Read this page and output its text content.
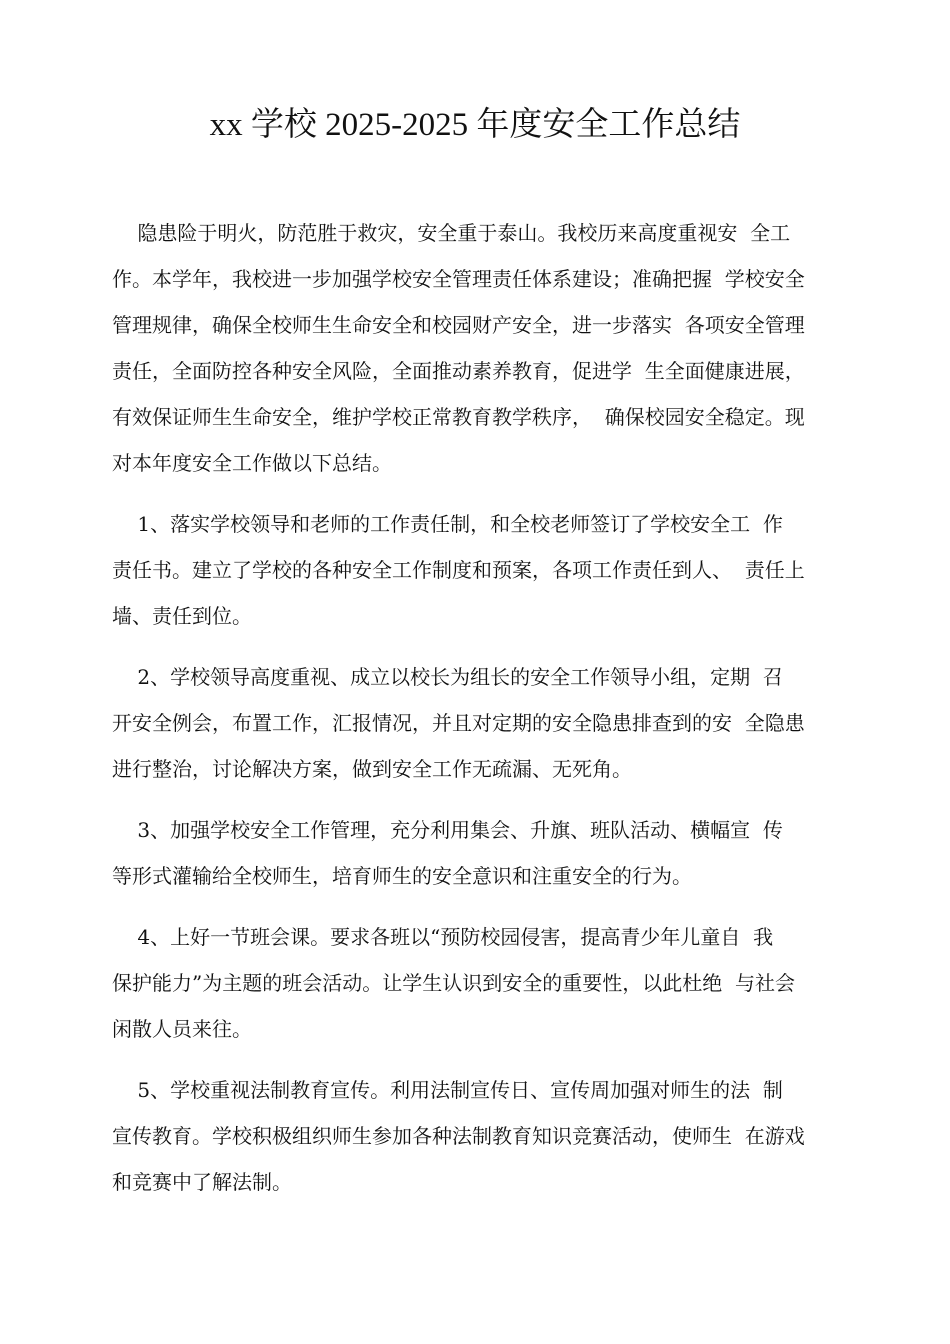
xx 学校 2025-2025 年度安全工作总结

隐患险于明火，防范胜于救灾，安全重于泰山。我校历来高度重视安  全工
作。本学年，我校进一步加强学校安全管理责任体系建设；准确把握  学校安全
管理规律，确保全校师生生命安全和校园财产安全，进一步落实  各项安全管理
责任，全面防控各种安全风险，全面推动素养教育，促进学  生全面健康进展，
有效保证师生生命安全，维护学校正常教育教学秩序，  确保校园安全稳定。现
对本年度安全工作做以下总结。

1、落实学校领导和老师的工作责任制，和全校老师签订了学校安全工  作
责任书。建立了学校的各种安全工作制度和预案，各项工作责任到人、  责任上
墙、责任到位。

2、学校领导高度重视、成立以校长为组长的安全工作领导小组，定期  召
开安全例会，布置工作，汇报情况，并且对定期的安全隐患排查到的安  全隐患
进行整治，讨论解决方案，做到安全工作无疏漏、无死角。

3、加强学校安全工作管理，充分利用集会、升旗、班队活动、横幅宣  传
等形式灌输给全校师生，培育师生的安全意识和注重安全的行为。

4、上好一节班会课。要求各班以“预防校园侵害，提高青少年儿童自  我
保护能力”为主题的班会活动。让学生认识到安全的重要性，以此杜绝  与社会
闲散人员来往。

5、学校重视法制教育宣传。利用法制宣传日、宣传周加强对师生的法  制
宣传教育。学校积极组织师生参加各种法制教育知识竞赛活动，使师生  在游戏
和竞赛中了解法制。
